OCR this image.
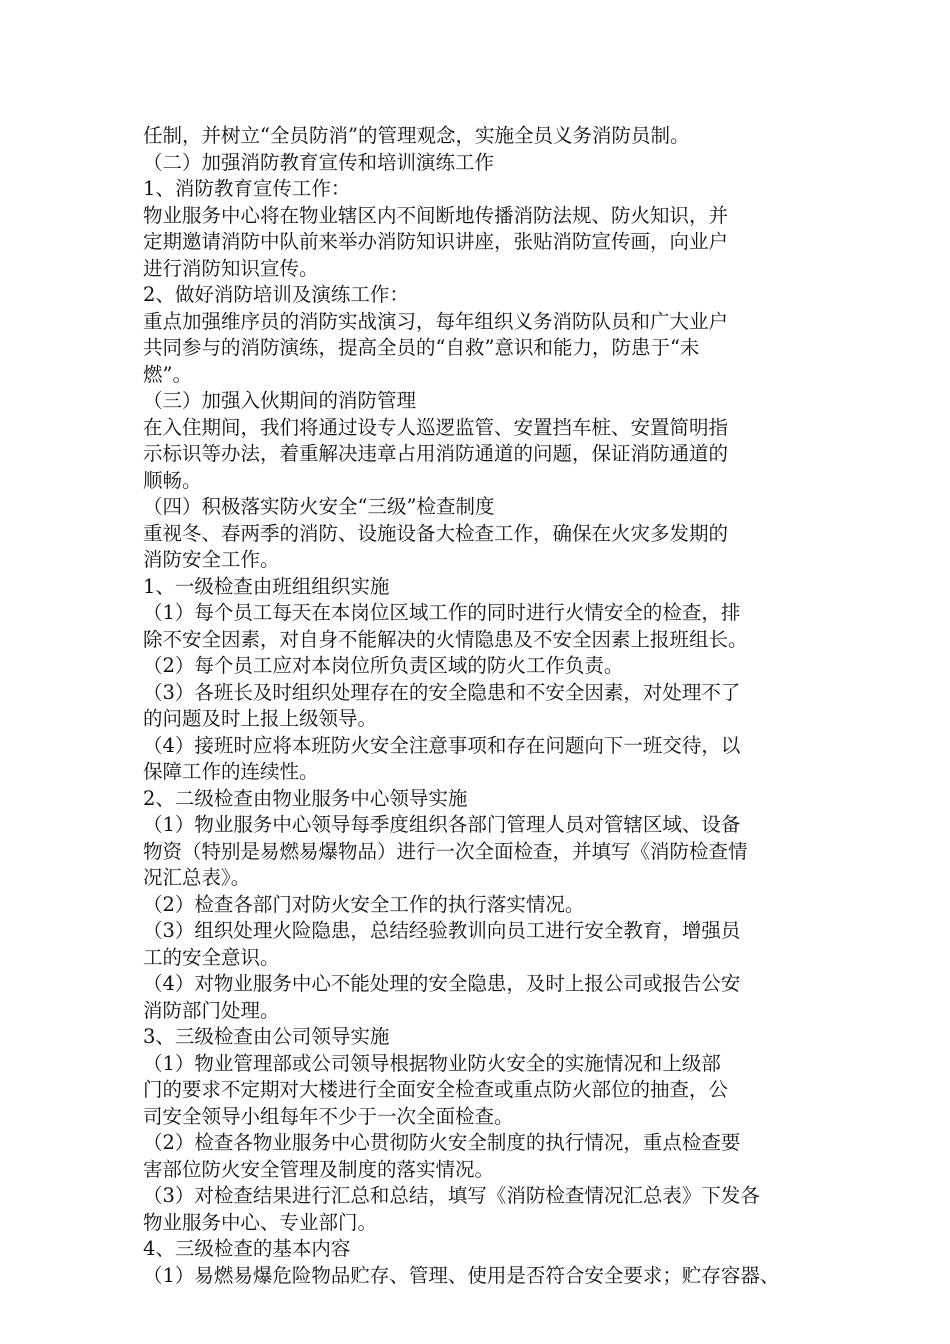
任制，并树立“全员防消”的管理观念，实施全员义务消防员制。
（二）加强消防教育宣传和培训演练工作
1、消防教育宣传工作：
物业服务中心将在物业辖区内不间断地传播消防法规、防火知识，并
定期邀请消防中队前来举办消防知识讲座，张贴消防宣传画，向业户
进行消防知识宣传。
2、做好消防培训及演练工作：
重点加强维序员的消防实战演习，每年组织义务消防队员和广大业户
共同参与的消防演练，提高全员的“自救”意识和能力，防患于“未
燃”。
（三）加强入伙期间的消防管理
在入住期间，我们将通过设专人巡逻监管、安置挡车桩、安置简明指
示标识等办法，着重解决违章占用消防通道的问题，保证消防通道的
顺畅。
（四）积极落实防火安全“三级”检查制度
重视冬、春两季的消防、设施设备大检查工作，确保在火灾多发期的
消防安全工作。
1、一级检查由班组组织实施
（1）每个员工每天在本岗位区域工作的同时进行火情安全的检查，排
除不安全因素，对自身不能解决的火情隐患及不安全因素上报班组长。
（2）每个员工应对本岗位所负责区域的防火工作负责。
（3）各班长及时组织处理存在的安全隐患和不安全因素，对处理不了
的问题及时上报上级领导。
（4）接班时应将本班防火安全注意事项和存在问题向下一班交待，以
保障工作的连续性。
2、二级检查由物业服务中心领导实施
（1）物业服务中心领导每季度组织各部门管理人员对管辖区域、设备
物资（特别是易燃易爆物品）进行一次全面检查，并填写《消防检查情
况汇总表》。
（2）检查各部门对防火安全工作的执行落实情况。
（3）组织处理火险隐患，总结经验教训向员工进行安全教育，增强员
工的安全意识。
（4）对物业服务中心不能处理的安全隐患，及时上报公司或报告公安
消防部门处理。
3、三级检查由公司领导实施
（1）物业管理部或公司领导根据物业防火安全的实施情况和上级部
门的要求不定期对大楼进行全面安全检查或重点防火部位的抽查，公
司安全领导小组每年不少于一次全面检查。
（2）检查各物业服务中心贯彻防火安全制度的执行情况，重点检查要
害部位防火安全管理及制度的落实情况。
（3）对检查结果进行汇总和总结，填写《消防检查情况汇总表》下发各
物业服务中心、专业部门。
4、三级检查的基本内容
（1）易燃易爆危险物品贮存、管理、使用是否符合安全要求；贮存容器、
